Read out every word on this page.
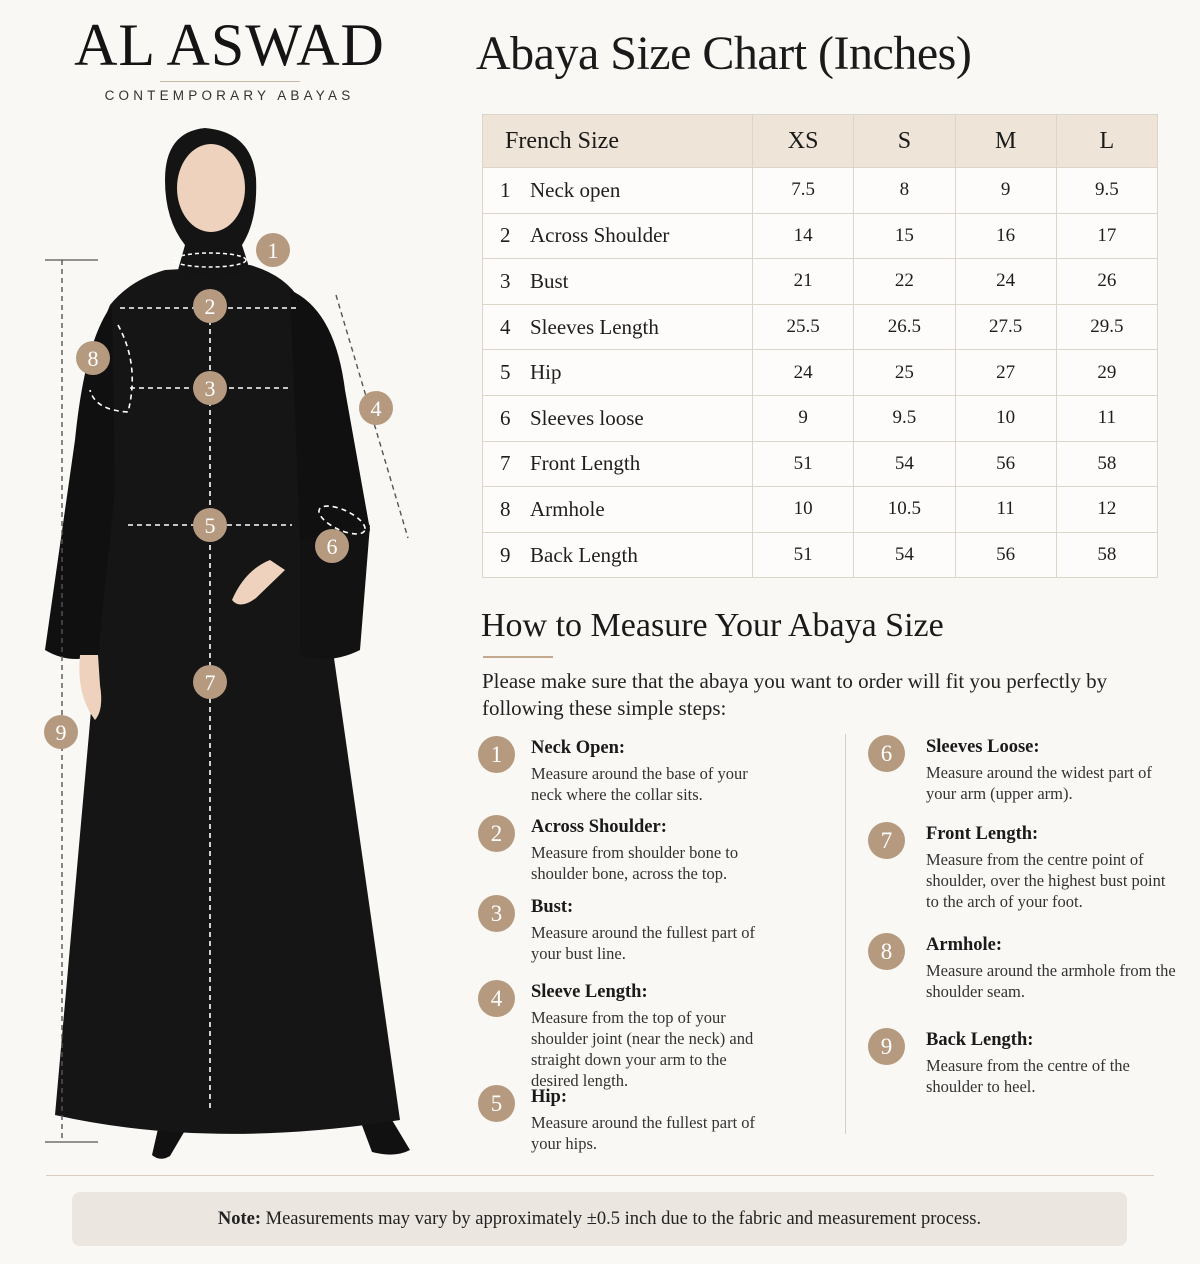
AL ASWAD
CONTEMPORARY ABAYAS
1
2
3
4
5
6
7
8
9
Abaya Size Chart (Inches)
French Size	XS	S	M	L
1 Neck open	7.5	8	9	9.5
2 Across Shoulder	14	15	16	17
3 Bust	21	22	24	26
4 Sleeves Length	25.5	26.5	27.5	29.5
5 Hip	24	25	27	29
6 Sleeves loose	9	9.5	10	11
7 Front Length	51	54	56	58
8 Armhole	10	10.5	11	12
9 Back Length	51	54	56	58
How to Measure Your Abaya Size
Please make sure that the abaya you want to order will fit you perfectly by following these simple steps:
1	Neck Open:
Measure around the base of your neck where the collar sits.
2	Across Shoulder:
Measure from shoulder bone to shoulder bone, across the top.
3	Bust:
Measure around the fullest part of your bust line.
4	Sleeve Length:
Measure from the top of your shoulder joint (near the neck) and straight down your arm to the desired length.
5	Hip:
Measure around the fullest part of your hips.
6	Sleeves Loose:
Measure around the widest part of your arm (upper arm).
7	Front Length:
Measure from the centre point of shoulder, over the highest bust point to the arch of your foot.
8	Armhole:
Measure around the armhole from the shoulder seam.
9	Back Length:
Measure from the centre of the shoulder to heel.
Note: Measurements may vary by approximately ±0.5 inch due to the fabric and measurement process.
